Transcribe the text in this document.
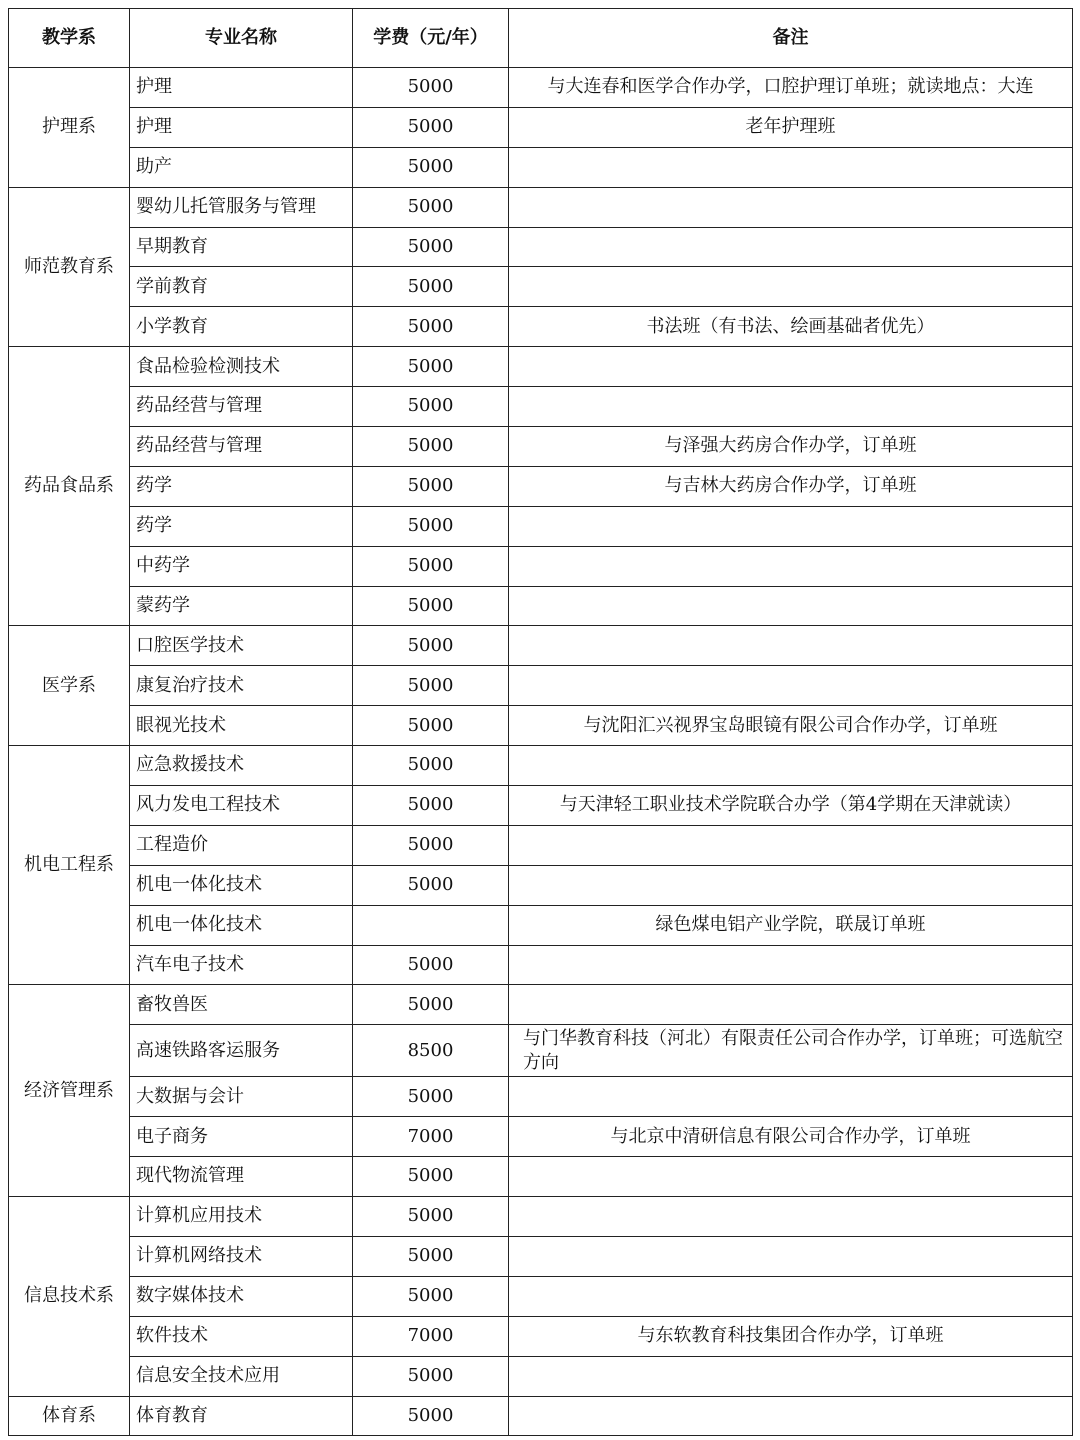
教学系	专业名称	学费（元/年）	备注
护理系	护理	5000	与大连春和医学合作办学，口腔护理订单班；就读地点：大连
	护理	5000	老年护理班
	助产	5000	
师范教育系	婴幼儿托管服务与管理	5000	
	早期教育	5000	
	学前教育	5000	
	小学教育	5000	书法班（有书法、绘画基础者优先）
药品食品系	食品检验检测技术	5000	
	药品经营与管理	5000	
	药品经营与管理	5000	与泽强大药房合作办学，订单班
	药学	5000	与吉林大药房合作办学，订单班
	药学	5000	
	中药学	5000	
	蒙药学	5000	
医学系	口腔医学技术	5000	
	康复治疗技术	5000	
	眼视光技术	5000	与沈阳汇兴视界宝岛眼镜有限公司合作办学，订单班
机电工程系	应急救援技术	5000	
	风力发电工程技术	5000	与天津轻工职业技术学院联合办学（第4学期在天津就读）
	工程造价	5000	
	机电一体化技术	5000	
	机电一体化技术		绿色煤电铝产业学院，联晟订单班
	汽车电子技术	5000	
经济管理系	畜牧兽医	5000	
	高速铁路客运服务	8500	与门华教育科技（河北）有限责任公司合作办学，订单班；可选航空方向
	大数据与会计	5000	
	电子商务	7000	与北京中清研信息有限公司合作办学，订单班
	现代物流管理	5000	
信息技术系	计算机应用技术	5000	
	计算机网络技术	5000	
	数字媒体技术	5000	
	软件技术	7000	与东软教育科技集团合作办学，订单班
	信息安全技术应用	5000	
体育系	体育教育	5000	
